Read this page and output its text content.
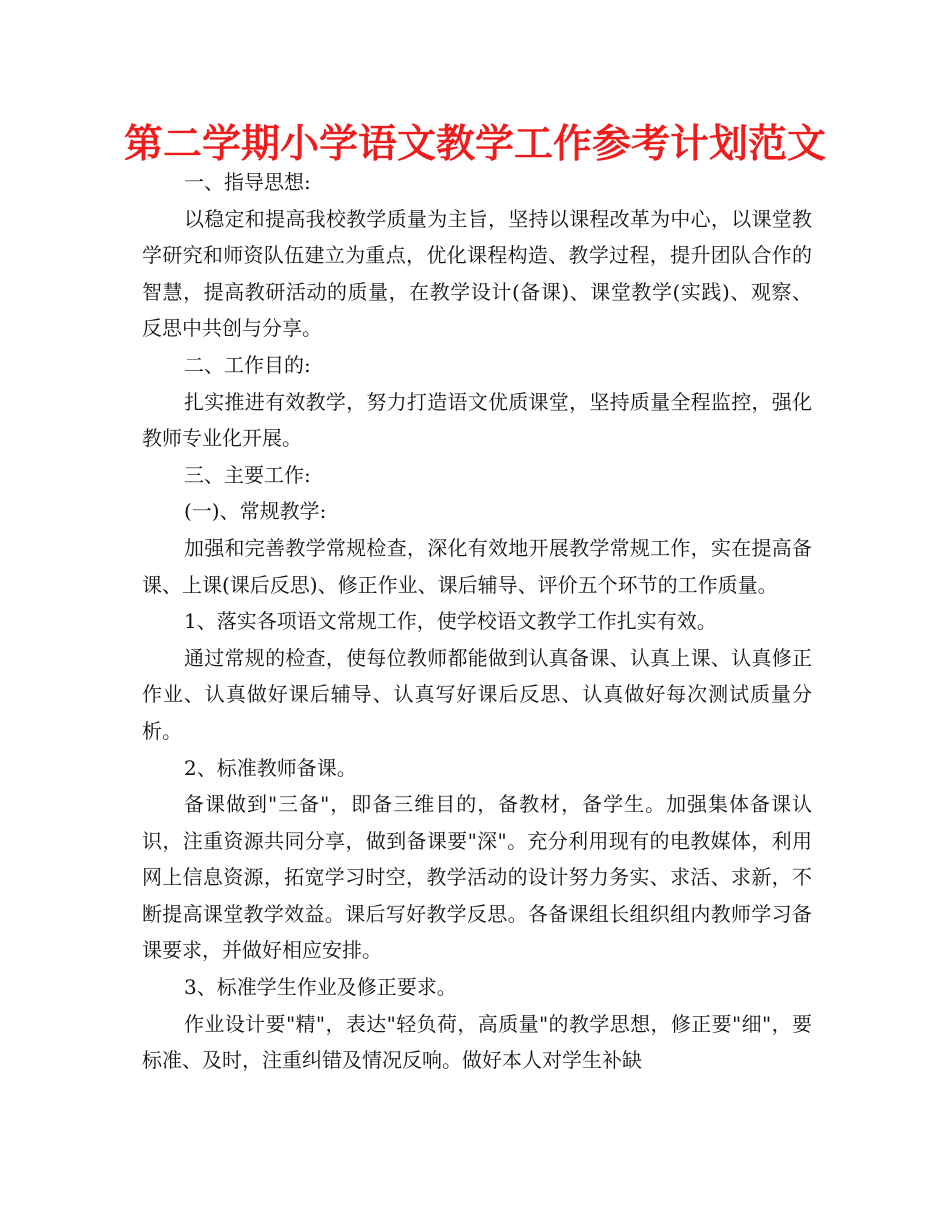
第二学期小学语文教学工作参考计划范文

一、指导思想:

以稳定和提高我校教学质量为主旨，坚持以课程改革为中心，以课堂教学研究和师资队伍建立为重点，优化课程构造、教学过程，提升团队合作的智慧，提高教研活动的质量，在教学设计(备课)、课堂教学(实践)、观察、反思中共创与分享。

二、工作目的:

扎实推进有效教学，努力打造语文优质课堂，坚持质量全程监控，强化教师专业化开展。

三、主要工作:

(一)、常规教学:

加强和完善教学常规检查，深化有效地开展教学常规工作，实在提高备课、上课(课后反思)、修正作业、课后辅导、评价五个环节的工作质量。

1、落实各项语文常规工作，使学校语文教学工作扎实有效。

通过常规的检查，使每位教师都能做到认真备课、认真上课、认真修正作业、认真做好课后辅导、认真写好课后反思、认真做好每次测试质量分析。

2、标准教师备课。

备课做到"三备"，即备三维目的，备教材，备学生。加强集体备课认识，注重资源共同分享，做到备课要"深"。充分利用现有的电教媒体，利用网上信息资源，拓宽学习时空，教学活动的设计努力务实、求活、求新，不断提高课堂教学效益。课后写好教学反思。各备课组长组织组内教师学习备课要求，并做好相应安排。

3、标准学生作业及修正要求。

作业设计要"精"，表达"轻负荷，高质量"的教学思想，修正要"细"，要标准、及时，注重纠错及情况反响。做好本人对学生补缺
